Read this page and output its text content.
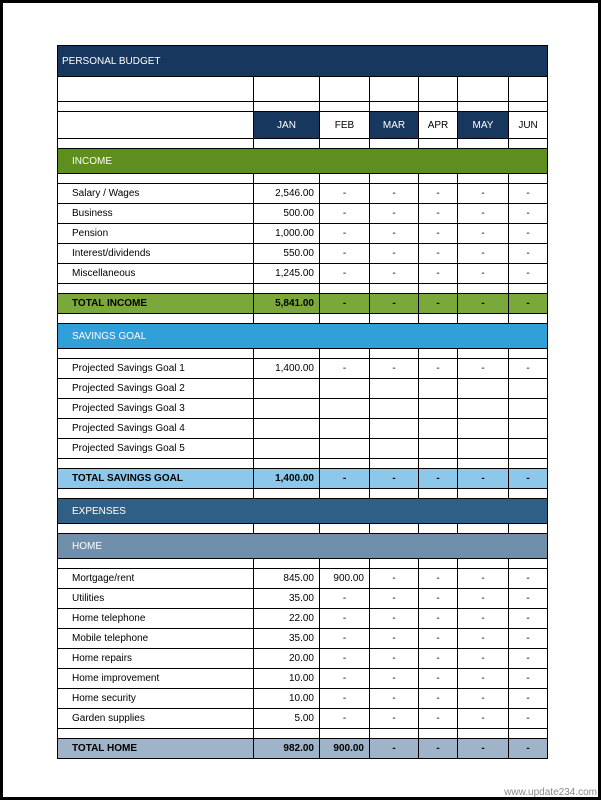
PERSONAL BUDGET						

	JAN	FEB	MAR	APR	MAY	JUN

INCOME						

Salary / Wages	2,546.00	-	-	-	-	-
Business	500.00	-	-	-	-	-
Pension	1,000.00	-	-	-	-	-
Interest/dividends	550.00	-	-	-	-	-
Miscellaneous	1,245.00	-	-	-	-	-

TOTAL INCOME	5,841.00	-	-	-	-	-

SAVINGS GOAL						

Projected Savings Goal 1	1,400.00	-	-	-	-	-
Projected Savings Goal 2						
Projected Savings Goal 3						
Projected Savings Goal 4						
Projected Savings Goal 5						

TOTAL SAVINGS GOAL	1,400.00	-	-	-	-	-

EXPENSES						

HOME						

Mortgage/rent	845.00	900.00	-	-	-	-
Utilities	35.00	-	-	-	-	-
Home telephone	22.00	-	-	-	-	-
Mobile telephone	35.00	-	-	-	-	-
Home repairs	20.00	-	-	-	-	-
Home improvement	10.00	-	-	-	-	-
Home security	10.00	-	-	-	-	-
Garden supplies	5.00	-	-	-	-	-

TOTAL HOME	982.00	900.00	-	-	-	-
www.update234.com
